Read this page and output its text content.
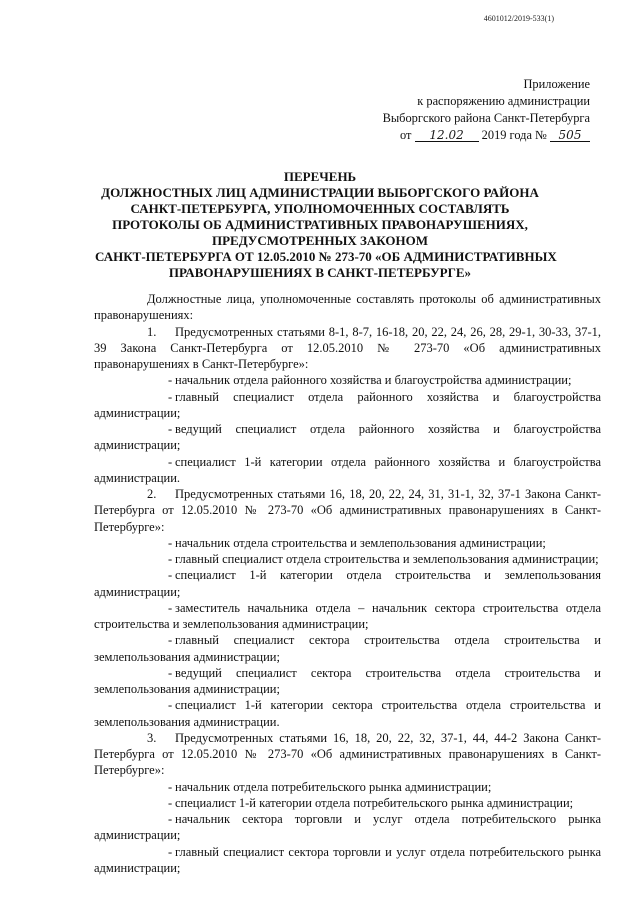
4601012/2019-533(1)
Приложение
к распоряжению администрации
Выборгского района Санкт-Петербурга
от 12.02 2019 года № 505
ПЕРЕЧЕНЬ
ДОЛЖНОСТНЫХ ЛИЦ АДМИНИСТРАЦИИ ВЫБОРГСКОГО РАЙОНА
САНКТ-ПЕТЕРБУРГА, УПОЛНОМОЧЕННЫХ СОСТАВЛЯТЬ
ПРОТОКОЛЫ ОБ АДМИНИСТРАТИВНЫХ ПРАВОНАРУШЕНИЯХ,
ПРЕДУСМОТРЕННЫХ ЗАКОНОМ
САНКТ-ПЕТЕРБУРГА ОТ 12.05.2010 № 273-70 «ОБ АДМИНИСТРАТИВНЫХ
ПРАВОНАРУШЕНИЯХ В САНКТ-ПЕТЕРБУРГЕ»

Должностные лица, уполномоченные составлять протоколы об административных правонарушениях:

1. Предусмотренных статьями 8-1, 8-7, 16-18, 20, 22, 24, 26, 28, 29-1, 30-33, 37-1, 39 Закона Санкт-Петербурга от 12.05.2010 № 273-70 «Об административных правонарушениях в Санкт-Петербурге»:

- начальник отдела районного хозяйства и благоустройства администрации;

- главный специалист отдела районного хозяйства и благоустройства администрации;

- ведущий специалист отдела районного хозяйства и благоустройства администрации;

- специалист 1-й категории отдела районного хозяйства и благоустройства администрации.

2. Предусмотренных статьями 16, 18, 20, 22, 24, 31, 31-1, 32, 37-1 Закона Санкт-Петербурга от 12.05.2010 № 273-70 «Об административных правонарушениях в Санкт-Петербурге»:

- начальник отдела строительства и землепользования администрации;

- главный специалист отдела строительства и землепользования администрации;

- специалист 1-й категории отдела строительства и землепользования администрации;

- заместитель начальника отдела – начальник сектора строительства отдела строительства и землепользования администрации;

- главный специалист сектора строительства отдела строительства и землепользования администрации;

- ведущий специалист сектора строительства отдела строительства и землепользования администрации;

- специалист 1-й категории сектора строительства отдела строительства и землепользования администрации.

3. Предусмотренных статьями 16, 18, 20, 22, 32, 37-1, 44, 44-2 Закона Санкт-Петербурга от 12.05.2010 № 273-70 «Об административных правонарушениях в Санкт-Петербурге»:

- начальник отдела потребительского рынка администрации;

- специалист 1-й категории отдела потребительского рынка администрации;

- начальник сектора торговли и услуг отдела потребительского рынка администрации;

- главный специалист сектора торговли и услуг отдела потребительского рынка администрации;
